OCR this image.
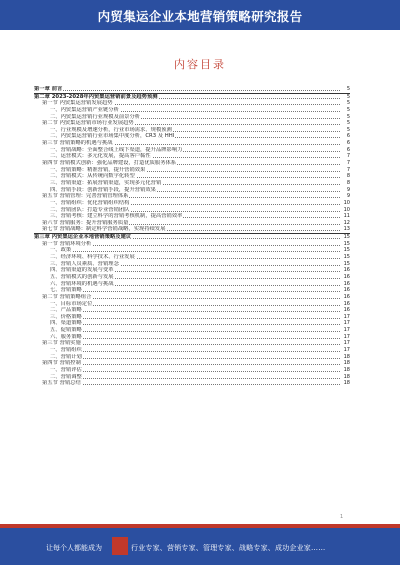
内贸集运企业本地营销策略研究报告
内容目录
第一章 前言	5
第二章 2023-2028年内贸集运营销前景及趋势预测	5
第一节 内贸集运营销发展趋势	5
一、内贸集运营销产业链分析	5
二、内贸集运营销行业规模及前景分析	5
第二节 内贸集运营销市场行业发展趋势	5
一、行业规模及增速分析，行业市场需求、规模预测	5
二、内贸集运营销行业市场集中度分析，CR3 及 HHI	6
第三节 营销策略的机遇与挑战	6
一、营销战略：全面整合线上线下渠道，提升品牌影响力	6
二、运营模式：多元化发展，提高客户黏性	7
第四节 营销模式创新：强化品牌建设，打造优质服务体系	7
一、营销策略：精准营销，提升营销效果	7
二、营销模式：从传统向数字化转型	8
三、营销渠道：拓展营销渠道，实现多元化营销	8
四、营销手段：创新营销手段，提升营销效果	9
第五节 营销管理：完善营销管理体系	9
一、营销组织：优化营销组织结构	10
二、营销团队：打造专业营销团队	10
三、营销考核：建立科学的营销考核机制，提高营销效率	11
第六节 营销服务：提升营销服务质量	12
第七节 营销战略：制定科学营销战略，实现持续发展	13
第三章 内贸集运企业本地营销策略及建议	15
第一节 营销环境分析	15
一、政策	15
二、经济环境、科学技术、行业发展	15
三、营销人员素质、营销理念	15
四、营销渠道的发展与变革	16
五、营销模式的创新与发展	16
六、营销环境的机遇与挑战	16
七、营销策略	16
第二节 营销策略组合	16
一、目标市场定位	16
二、产品策略	16
三、价格策略	17
四、渠道策略	17
五、促销策略	17
六、服务策略	17
第三节 营销实施	17
一、营销组织	17
二、营销计划	18
第四节 营销控制	18
一、营销评估	18
二、营销调整	18
第五节 营销总结	18
1
让每个人都能成为	行业专家、营销专家、管理专家、战略专家、成功企业家……
